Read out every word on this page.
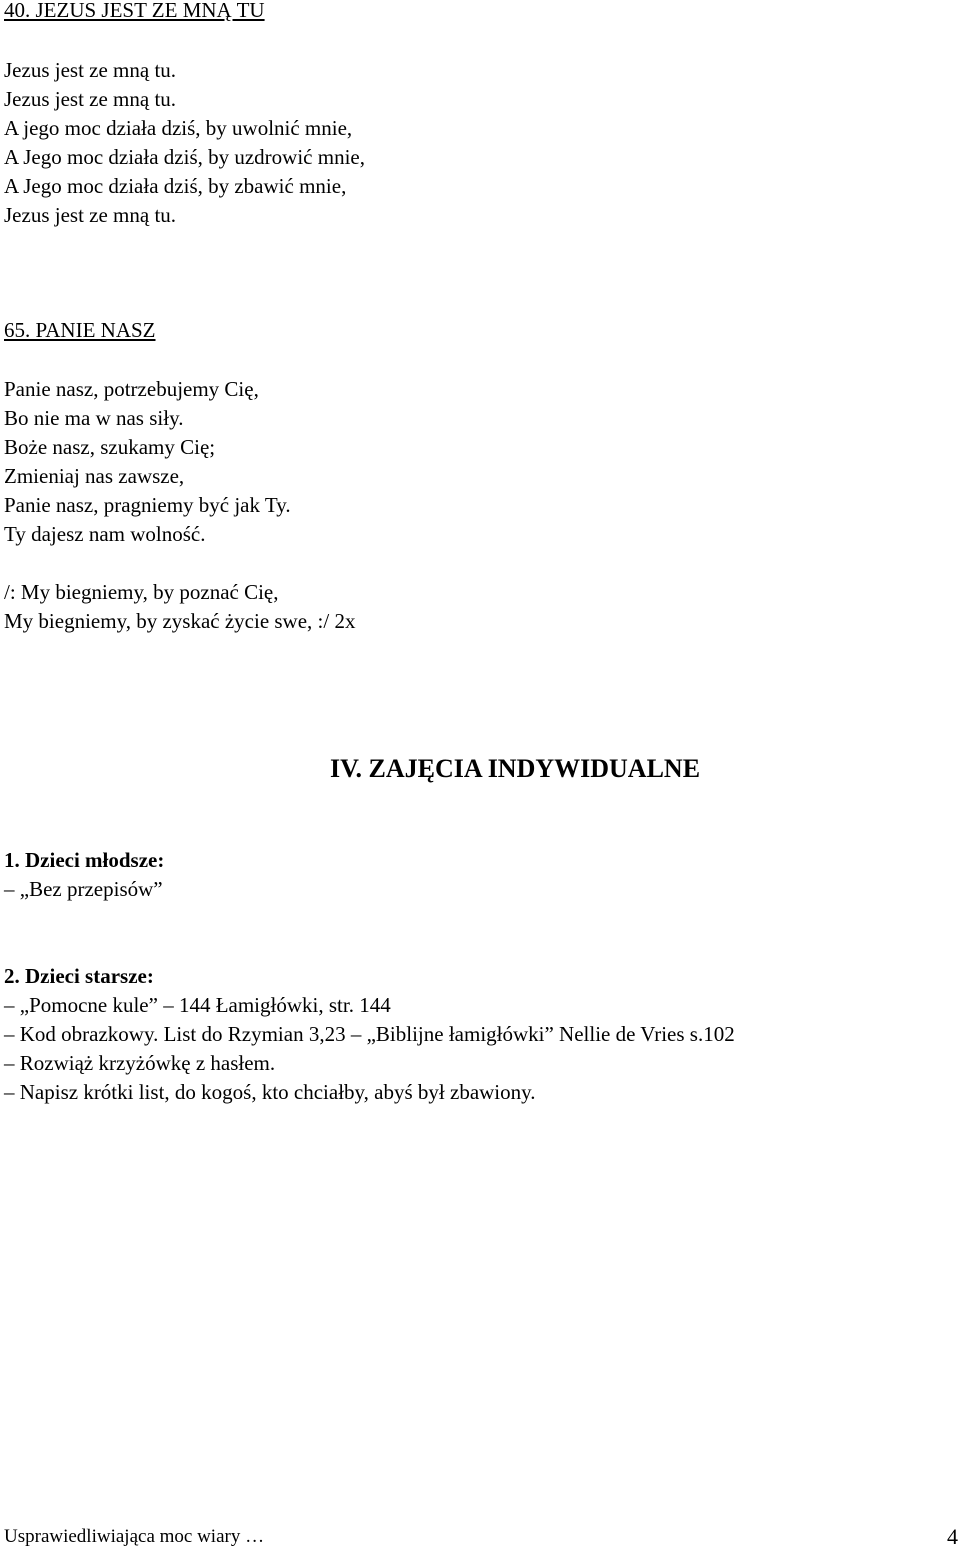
40. JEZUS JEST ZE MNĄ TU
Jezus jest ze mną tu.
Jezus jest ze mną tu.
A jego moc działa dziś, by uwolnić mnie,
A Jego moc działa dziś, by uzdrowić mnie,
A Jego moc działa dziś, by zbawić mnie,
Jezus jest ze mną tu.
65. PANIE NASZ
Panie nasz, potrzebujemy Cię,
Bo nie ma w nas siły.
Boże nasz, szukamy Cię;
Zmieniaj nas zawsze,
Panie nasz, pragniemy być jak Ty.
Ty dajesz nam wolność.
/: My biegniemy, by poznać Cię,
My biegniemy, by zyskać życie swe, :/ 2x
IV. ZAJĘCIA INDYWIDUALNE
1. Dzieci młodsze:
– „Bez przepisów”
2. Dzieci starsze:
– „Pomocne kule” – 144 Łamigłówki, str. 144
– Kod obrazkowy. List do Rzymian 3,23 – „Biblijne łamigłówki” Nellie de Vries s.102
– Rozwiąż krzyżówkę z hasłem.
– Napisz krótki list, do kogoś, kto chciałby, abyś był zbawiony.
Usprawiedliwiająca moc wiary …	4
